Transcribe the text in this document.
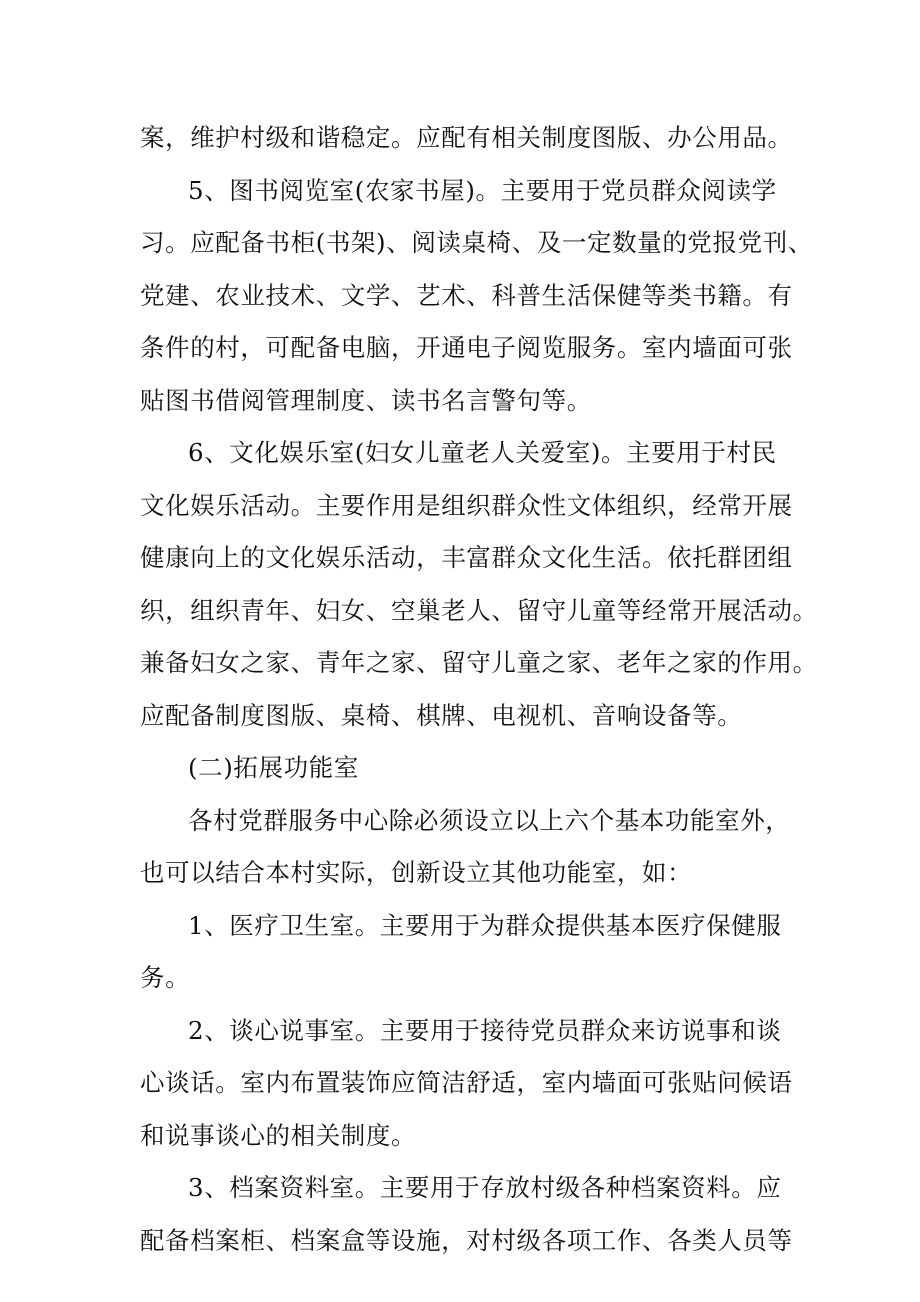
案，维护村级和谐稳定。应配有相关制度图版、办公用品。
5、图书阅览室(农家书屋)。主要用于党员群众阅读学
习。应配备书柜(书架)、阅读桌椅、及一定数量的党报党刊、
党建、农业技术、文学、艺术、科普生活保健等类书籍。有
条件的村，可配备电脑，开通电子阅览服务。室内墙面可张
贴图书借阅管理制度、读书名言警句等。
6、文化娱乐室(妇女儿童老人关爱室)。主要用于村民
文化娱乐活动。主要作用是组织群众性文体组织，经常开展
健康向上的文化娱乐活动，丰富群众文化生活。依托群团组
织，组织青年、妇女、空巢老人、留守儿童等经常开展活动。
兼备妇女之家、青年之家、留守儿童之家、老年之家的作用。
应配备制度图版、桌椅、棋牌、电视机、音响设备等。
(二)拓展功能室
各村党群服务中心除必须设立以上六个基本功能室外，
也可以结合本村实际，创新设立其他功能室，如：
1、医疗卫生室。主要用于为群众提供基本医疗保健服
务。
2、谈心说事室。主要用于接待党员群众来访说事和谈
心谈话。室内布置装饰应简洁舒适，室内墙面可张贴问候语
和说事谈心的相关制度。
3、档案资料室。主要用于存放村级各种档案资料。应
配备档案柜、档案盒等设施，对村级各项工作、各类人员等
